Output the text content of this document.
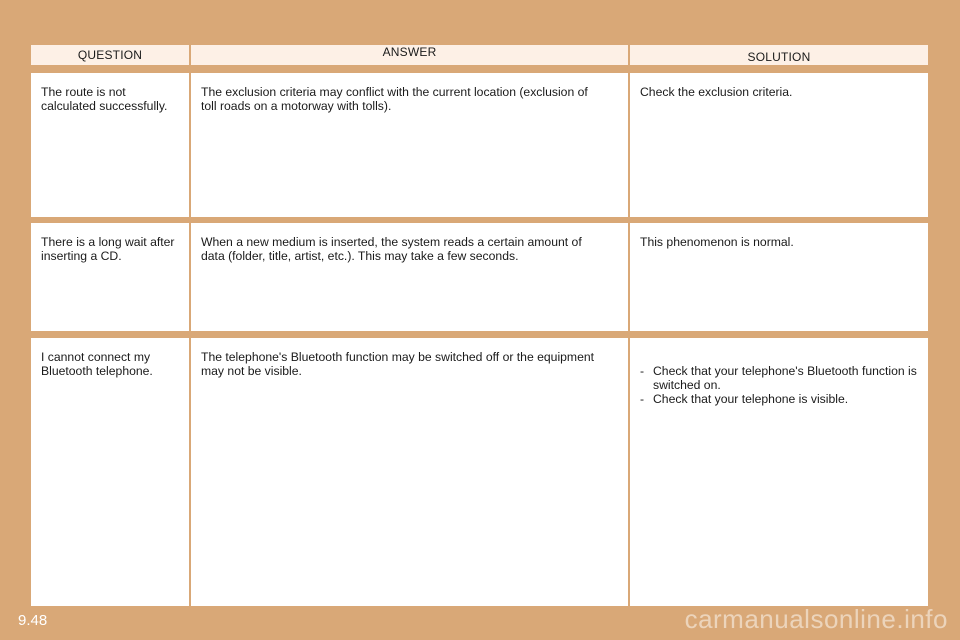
QUESTION	ANSWER	SOLUTION
The route is not
calculated successfully.
The exclusion criteria may conflict with the current location (exclusion of
toll roads on a motorway with tolls).
Check the exclusion criteria.
There is a long wait after
inserting a CD.
When a new medium is inserted, the system reads a certain amount of
data (folder, title, artist, etc.). This may take a few seconds.
This phenomenon is normal.
I cannot connect my
Bluetooth telephone.
The telephone's Bluetooth function may be switched off or the equipment
may not be visible.

-	Check that your telephone's Bluetooth function is switched on.
- Check that your telephone is visible.

9.48	carmanualsonline.info
